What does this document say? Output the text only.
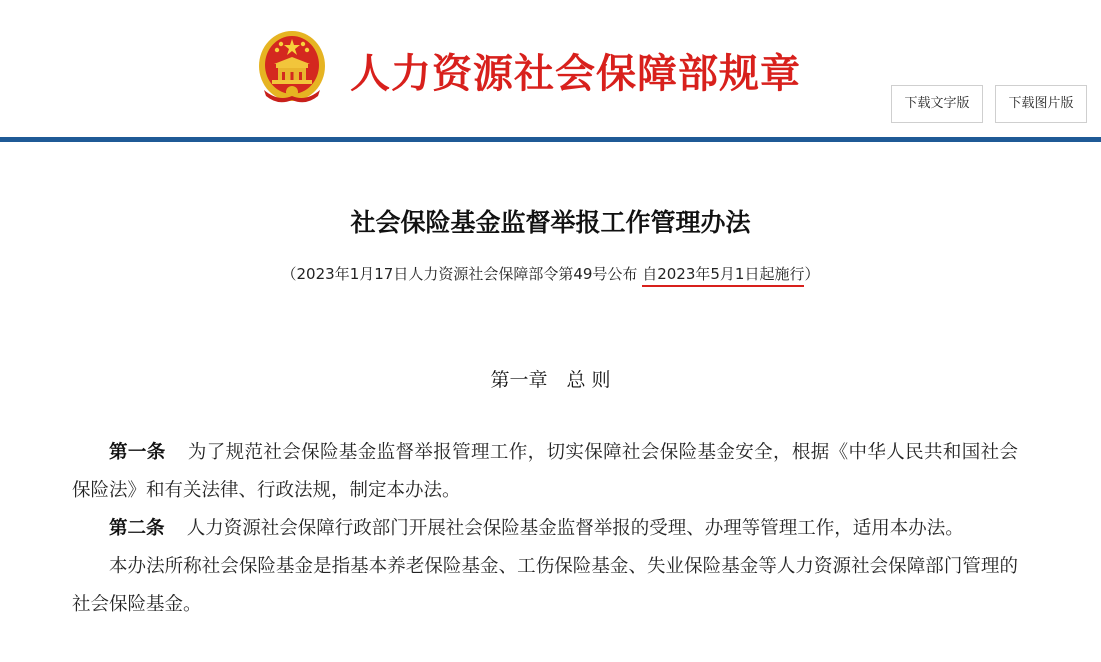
人力资源社会保障部规章
下载文字版	下载图片版
社会保险基金监督举报工作管理办法
（2023年1月17日人力资源社会保障部令第49号公布 自2023年5月1日起施行）
第一章　总 则

第一条 为了规范社会保险基金监督举报管理工作，切实保障社会保险基金安全，根据《中华人民共和国社会保险法》和有关法律、行政法规，制定本办法。

第二条 人力资源社会保障行政部门开展社会保险基金监督举报的受理、办理等管理工作，适用本办法。

本办法所称社会保险基金是指基本养老保险基金、工伤保险基金、失业保险基金等人力资源社会保障部门管理的社会保险基金。
